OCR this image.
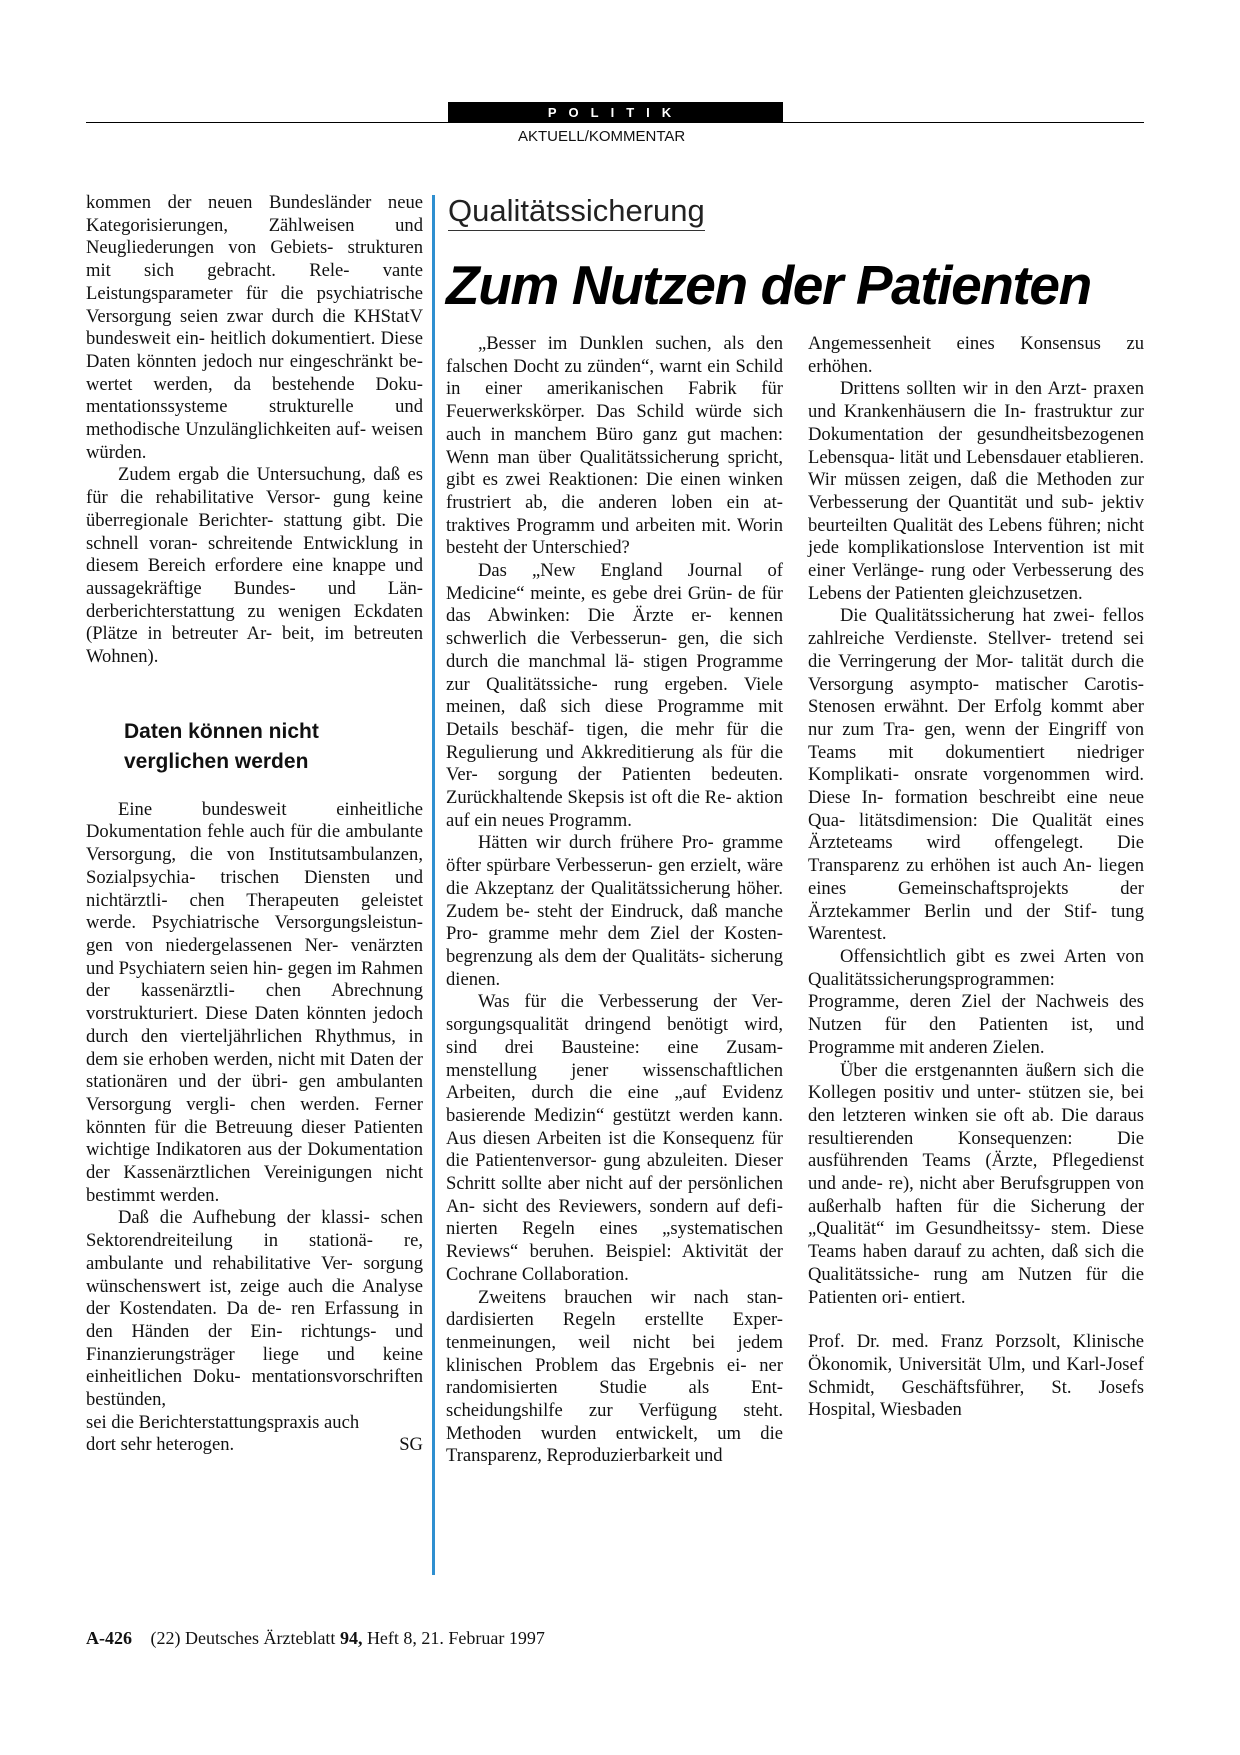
POLITIK
AKTUELL/KOMMENTAR

kommen der neuen Bundesländer neue Kategorisierungen, Zählweisen und Neugliederungen von Gebiets- strukturen mit sich gebracht. Rele- vante Leistungsparameter für die psychiatrische Versorgung seien zwar durch die KHStatV bundesweit ein- heitlich dokumentiert. Diese Daten könnten jedoch nur eingeschränkt be- wertet werden, da bestehende Doku- mentationssysteme strukturelle und methodische Unzulänglichkeiten auf- weisen würden.

Zudem ergab die Untersuchung, daß es für die rehabilitative Versor- gung keine überregionale Berichter- stattung gibt. Die schnell voran- schreitende Entwicklung in diesem Bereich erfordere eine knappe und aussagekräftige Bundes- und Län- derberichterstattung zu wenigen Eckdaten (Plätze in betreuter Ar- beit, im betreuten Wohnen).

Daten können nicht verglichen werden

Eine bundesweit einheitliche Dokumentation fehle auch für die ambulante Versorgung, die von Institutsambulanzen, Sozialpsychia- trischen Diensten und nichtärztli- chen Therapeuten geleistet werde. Psychiatrische Versorgungsleistun- gen von niedergelassenen Ner- venärzten und Psychiatern seien hin- gegen im Rahmen der kassenärztli- chen Abrechnung vorstrukturiert. Diese Daten könnten jedoch durch den vierteljährlichen Rhythmus, in dem sie erhoben werden, nicht mit Daten der stationären und der übri- gen ambulanten Versorgung vergli- chen werden. Ferner könnten für die Betreuung dieser Patienten wichtige Indikatoren aus der Dokumentation der Kassenärztlichen Vereinigungen nicht bestimmt werden.

Daß die Aufhebung der klassi- schen Sektorendreiteilung in stationä- re, ambulante und rehabilitative Ver- sorgung wünschenswert ist, zeige auch die Analyse der Kostendaten. Da de- ren Erfassung in den Händen der Ein- richtungs- und Finanzierungsträger liege und keine einheitlichen Doku- mentationsvorschriften bestünden,

sei die Berichterstattungspraxis auch

dort sehr heterogen.	SG
Qualitätssicherung
Zum Nutzen der Patienten

„Besser im Dunklen suchen, als den falschen Docht zu zünden“, warnt ein Schild in einer amerikanischen Fabrik für Feuerwerkskörper. Das Schild würde sich auch in manchem Büro ganz gut machen: Wenn man über Qualitätssicherung spricht, gibt es zwei Reaktionen: Die einen winken frustriert ab, die anderen loben ein at- traktives Programm und arbeiten mit. Worin besteht der Unterschied?

Das „New England Journal of Medicine“ meinte, es gebe drei Grün- de für das Abwinken: Die Ärzte er- kennen schwerlich die Verbesserun- gen, die sich durch die manchmal lä- stigen Programme zur Qualitätssiche- rung ergeben. Viele meinen, daß sich diese Programme mit Details beschäf- tigen, die mehr für die Regulierung und Akkreditierung als für die Ver- sorgung der Patienten bedeuten. Zurückhaltende Skepsis ist oft die Re- aktion auf ein neues Programm.

Hätten wir durch frühere Pro- gramme öfter spürbare Verbesserun- gen erzielt, wäre die Akzeptanz der Qualitätssicherung höher. Zudem be- steht der Eindruck, daß manche Pro- gramme mehr dem Ziel der Kosten- begrenzung als dem der Qualitäts- sicherung dienen.

Was für die Verbesserung der Ver- sorgungsqualität dringend benötigt wird, sind drei Bausteine: eine Zusam- menstellung jener wissenschaftlichen Arbeiten, durch die eine „auf Evidenz basierende Medizin“ gestützt werden kann. Aus diesen Arbeiten ist die Konsequenz für die Patientenversor- gung abzuleiten. Dieser Schritt sollte aber nicht auf der persönlichen An- sicht des Reviewers, sondern auf defi- nierten Regeln eines „systematischen Reviews“ beruhen. Beispiel: Aktivität der Cochrane Collaboration.

Zweitens brauchen wir nach stan- dardisierten Regeln erstellte Exper- tenmeinungen, weil nicht bei jedem klinischen Problem das Ergebnis ei- ner randomisierten Studie als Ent- scheidungshilfe zur Verfügung steht. Methoden wurden entwickelt, um die Transparenz, Reproduzierbarkeit und

Angemessenheit eines Konsensus zu erhöhen.

Drittens sollten wir in den Arzt- praxen und Krankenhäusern die In- frastruktur zur Dokumentation der gesundheitsbezogenen Lebensqua- lität und Lebensdauer etablieren. Wir müssen zeigen, daß die Methoden zur Verbesserung der Quantität und sub- jektiv beurteilten Qualität des Lebens führen; nicht jede komplikationslose Intervention ist mit einer Verlänge- rung oder Verbesserung des Lebens der Patienten gleichzusetzen.

Die Qualitätssicherung hat zwei- fellos zahlreiche Verdienste. Stellver- tretend sei die Verringerung der Mor- talität durch die Versorgung asympto- matischer Carotis-Stenosen erwähnt. Der Erfolg kommt aber nur zum Tra- gen, wenn der Eingriff von Teams mit dokumentiert niedriger Komplikati- onsrate vorgenommen wird. Diese In- formation beschreibt eine neue Qua- litätsdimension: Die Qualität eines Ärzteteams wird offengelegt. Die Transparenz zu erhöhen ist auch An- liegen eines Gemeinschaftsprojekts der Ärztekammer Berlin und der Stif- tung Warentest.

Offensichtlich gibt es zwei Arten von Qualitätssicherungsprogrammen: Programme, deren Ziel der Nachweis des Nutzen für den Patienten ist, und Programme mit anderen Zielen.

Über die erstgenannten äußern sich die Kollegen positiv und unter- stützen sie, bei den letzteren winken sie oft ab. Die daraus resultierenden Konsequenzen: Die ausführenden Teams (Ärzte, Pflegedienst und ande- re), nicht aber Berufsgruppen von außerhalb haften für die Sicherung der „Qualität“ im Gesundheitssy- stem. Diese Teams haben darauf zu achten, daß sich die Qualitätssiche- rung am Nutzen für die Patienten ori- entiert.

Prof. Dr. med. Franz Porzsolt, Klinische Ökonomik, Universität Ulm, und Karl-Josef Schmidt, Geschäftsführer, St. Josefs Hospital, Wiesbaden

A-426 (22) Deutsches Ärzteblatt 94, Heft 8, 21. Februar 1997
